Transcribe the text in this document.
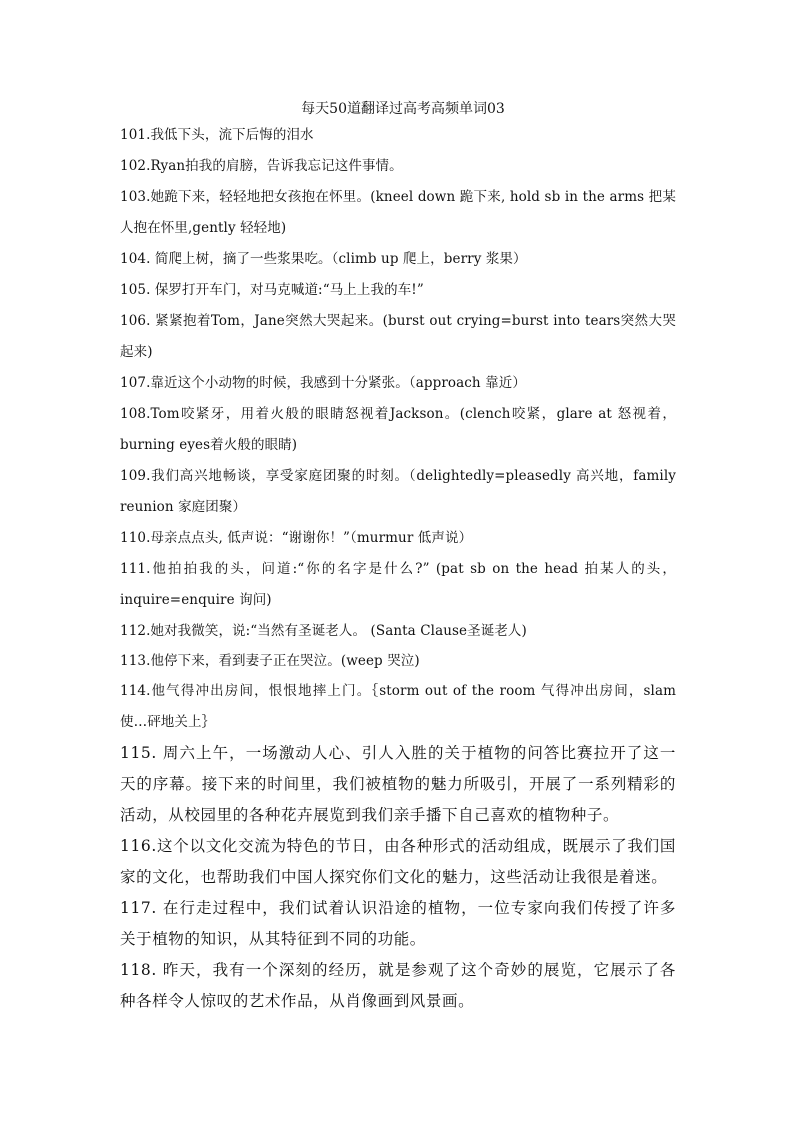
每天50道翻译过高考高频单词03

101.我低下头，流下后悔的泪水

102.Ryan拍我的肩膀，告诉我忘记这件事情。

103.她跪下来，轻轻地把女孩抱在怀里。(kneel down 跪下来, hold sb in the arms 把某人抱在怀里,gently 轻轻地)

104. 简爬上树，摘了一些浆果吃。（climb up 爬上，berry 浆果）

105. 保罗打开车门，对马克喊道:“马上上我的车!”

106. 紧紧抱着Tom，Jane突然大哭起来。(burst out crying=burst into tears突然大哭起来)

107.靠近这个小动物的时候，我感到十分紧张。（approach 靠近）

108.Tom咬紧牙，用着火般的眼睛怒视着Jackson。(clench咬紧，glare at 怒视着，burning eyes着火般的眼睛)

109.我们高兴地畅谈，享受家庭团聚的时刻。（delightedly=pleasedly 高兴地，family reunion 家庭团聚）

110.母亲点点头, 低声说：“谢谢你！”（murmur 低声说）

111.他拍拍我的头，问道:“你的名字是什么?” (pat sb on the head 拍某人的头，inquire=enquire 询问)

112.她对我微笑，说:“当然有圣诞老人。 (Santa Clause圣诞老人)

113.他停下来，看到妻子正在哭泣。(weep 哭泣)

114.他气得冲出房间，恨恨地摔上门。｛storm out of the room 气得冲出房间，slam 使…砰地关上｝

115. 周六上午，一场激动人心、引人入胜的关于植物的问答比赛拉开了这一天的序幕。接下来的时间里，我们被植物的魅力所吸引，开展了一系列精彩的活动，从校园里的各种花卉展览到我们亲手播下自己喜欢的植物种子。

116.这个以文化交流为特色的节日，由各种形式的活动组成，既展示了我们国家的文化，也帮助我们中国人探究你们文化的魅力，这些活动让我很是着迷。

117. 在行走过程中，我们试着认识沿途的植物，一位专家向我们传授了许多关于植物的知识，从其特征到不同的功能。

118. 昨天，我有一个深刻的经历，就是参观了这个奇妙的展览，它展示了各种各样令人惊叹的艺术作品，从肖像画到风景画。
